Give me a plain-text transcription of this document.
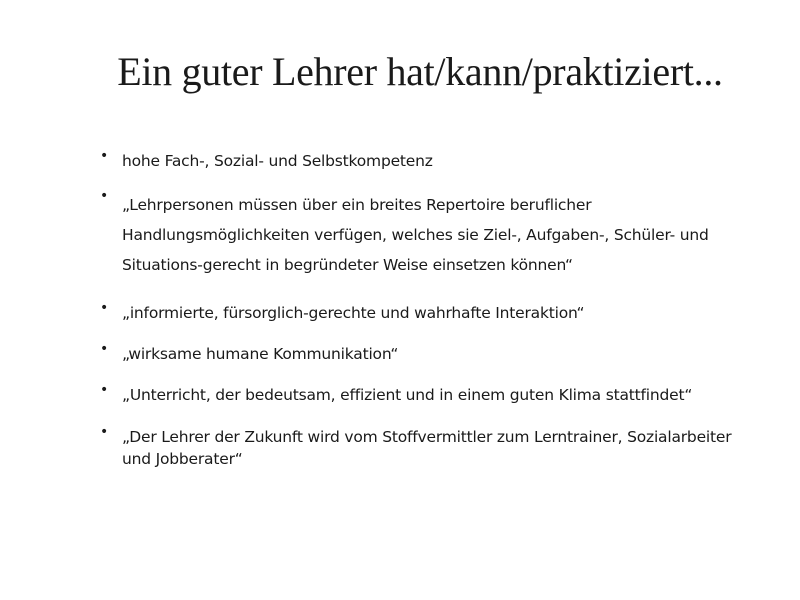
Ein guter Lehrer hat/kann/praktiziert...
• hohe Fach-, Sozial- und Selbstkompetenz
• „Lehrpersonen müssen über ein breites Repertoire beruflicher Handlungsmöglichkeiten verfügen, welches sie Ziel-, Aufgaben-, Schüler- und Situations-gerecht in begründeter Weise einsetzen können“
• „informierte, fürsorglich-gerechte und wahrhafte Interaktion“
• „wirksame humane Kommunikation“
• „Unterricht, der bedeutsam, effizient und in einem guten Klima stattfindet“
• „Der Lehrer der Zukunft wird vom Stoffvermittler zum Lerntrainer, Sozialarbeiter und Jobberater“
